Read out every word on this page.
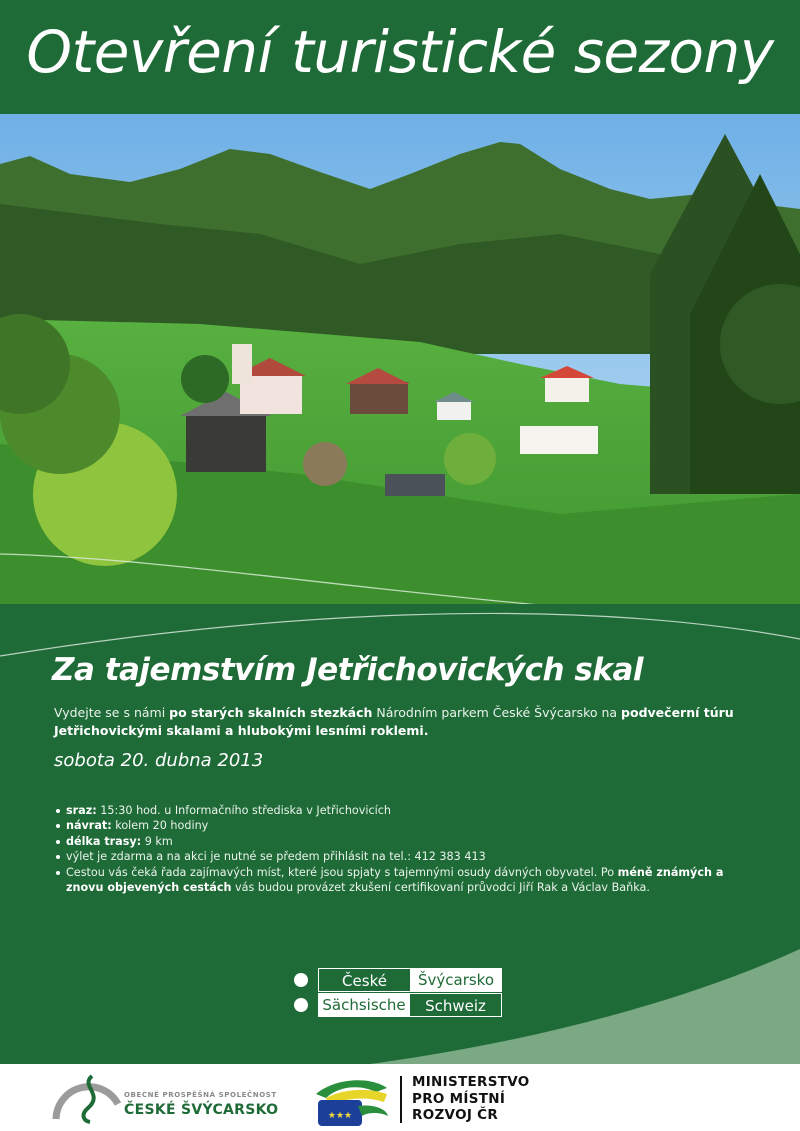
Otevření turistické sezony
Za tajemstvím Jetřichovických skal

Vydejte se s námi po starých skalních stezkách Národním parkem České Švýcarsko na podvečerní túru Jetřichovickými skalami a hlubokými lesními roklemi.

sobota 20. dubna 2013
sraz: 15:30 hod. u Informačního střediska v Jetřichovicích
návrat: kolem 20 hodiny
délka trasy: 9 km
výlet je zdarma a na akci je nutné se předem přihlásit na tel.: 412 383 413
Cestou vás čeká řada zajímavých míst, které jsou spjaty s tajemnými osudy dávných obyvatel. Po méně známých a znovu objevených cestách vás budou provázet zkušení certifikovaní průvodci Jiří Rak a Václav Baňka.
České	Švýcarsko
Sächsische	Schweiz
★★★
OBECNĚ PROSPĚŠNÁ SPOLEČNOST
ČESKÉ ŠVÝCARSKO
MINISTERSTVO
PRO MÍSTNÍ
ROZVOJ ČR
